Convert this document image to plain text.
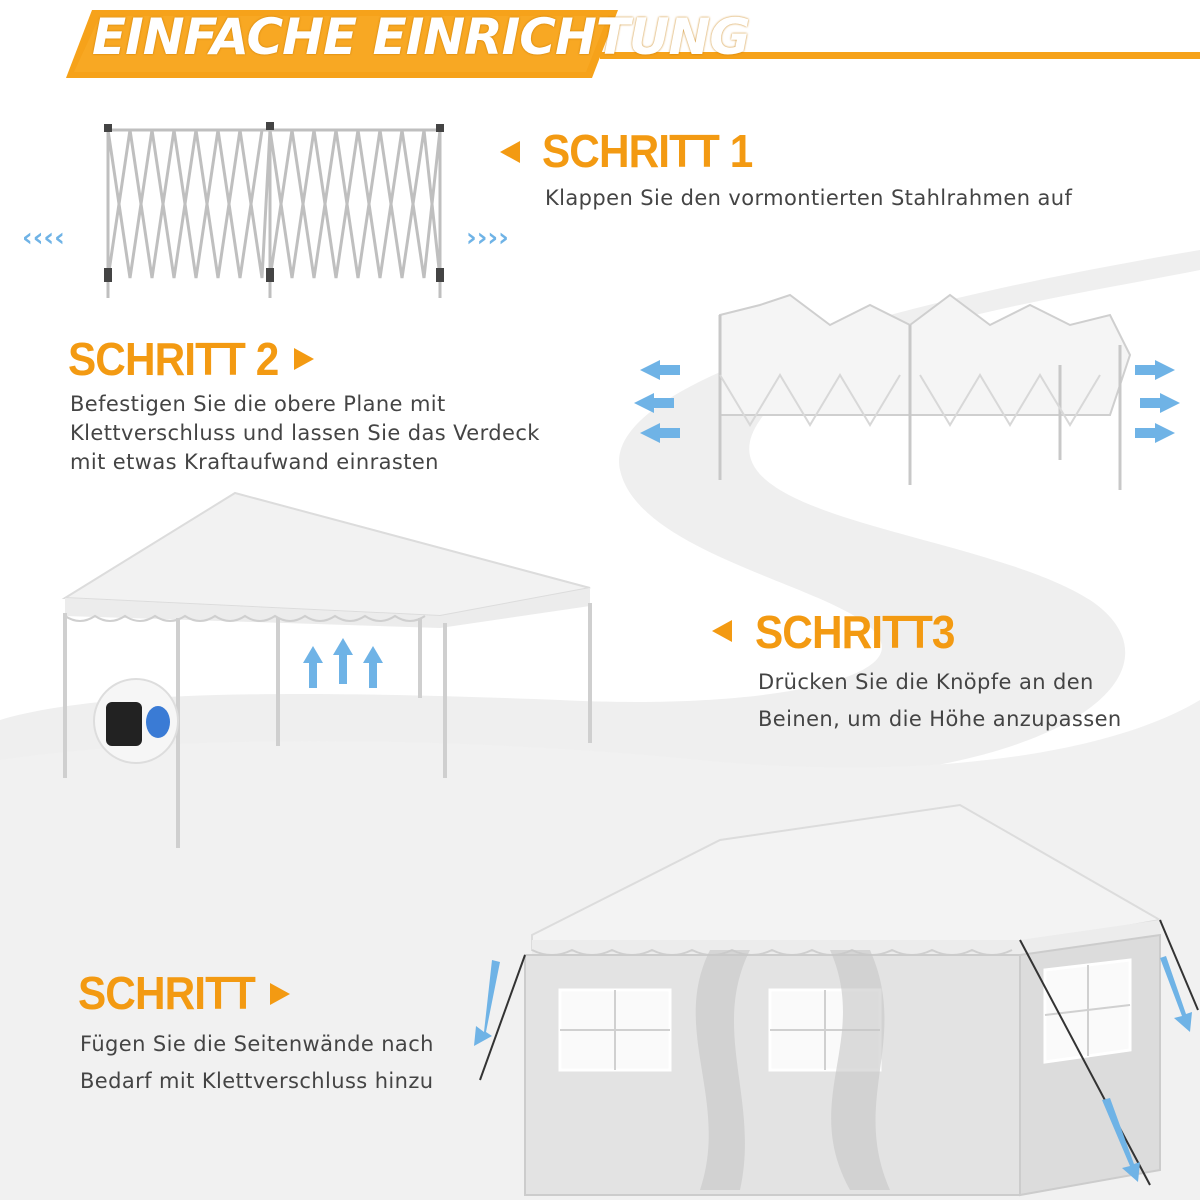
EINFACHE EINRICHTUNG
SCHRITT 1
Klappen Sie den vormontierten Stahlrahmen auf
‹‹‹‹	››››
SCHRITT 2
Befestigen Sie die obere Plane mit
Klettverschluss und lassen Sie das Verdeck
mit etwas Kraftaufwand einrasten
SCHRITT3
Drücken Sie die Knöpfe an den
Beinen, um die Höhe anzupassen
SCHRITT
Fügen Sie die Seitenwände nach
Bedarf mit Klettverschluss hinzu
